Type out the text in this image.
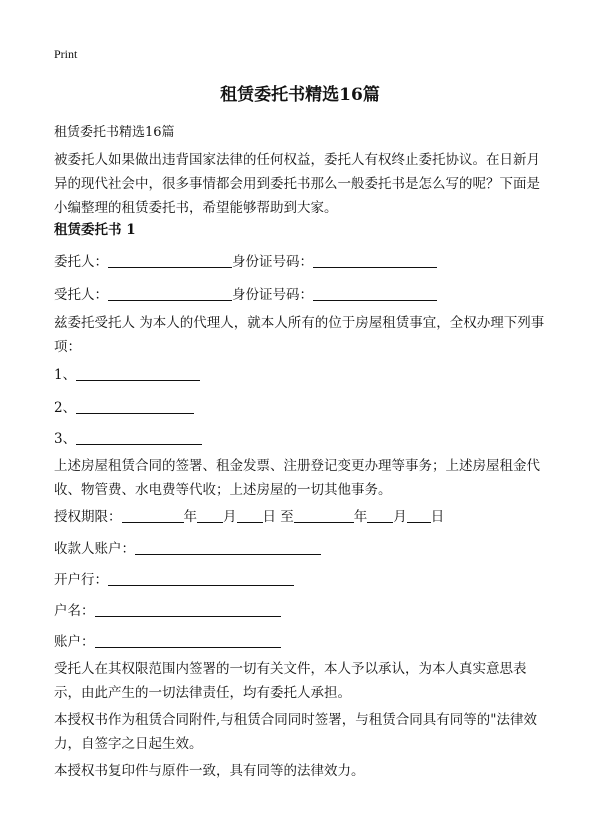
Print
租赁委托书精选16篇
租赁委托书精选16篇
被委托人如果做出违背国家法律的任何权益，委托人有权终止委托协议。在日新月异的现代社会中，很多事情都会用到委托书那么一般委托书是怎么写的呢？下面是小编整理的租赁委托书，希望能够帮助到大家。
租赁委托书 1
委托人：	身份证号码：
受托人：	身份证号码：
兹委托受托人 为本人的代理人，就本人所有的位于房屋租赁事宜，全权办理下列事项：
1、
2、
3、
上述房屋租赁合同的签署、租金发票、注册登记变更办理等事务；上述房屋租金代收、物管费、水电费等代收；上述房屋的一切其他事务。
授权期限：	年 月 日 至	年 月 日
收款人账户：
开户行：
户名：
账户：
受托人在其权限范围内签署的一切有关文件，本人予以承认，为本人真实意思表示，由此产生的一切法律责任，均有委托人承担。
本授权书作为租赁合同附件,与租赁合同同时签署，与租赁合同具有同等的"法律效力，自签字之日起生效。
本授权书复印件与原件一致，具有同等的法律效力。
